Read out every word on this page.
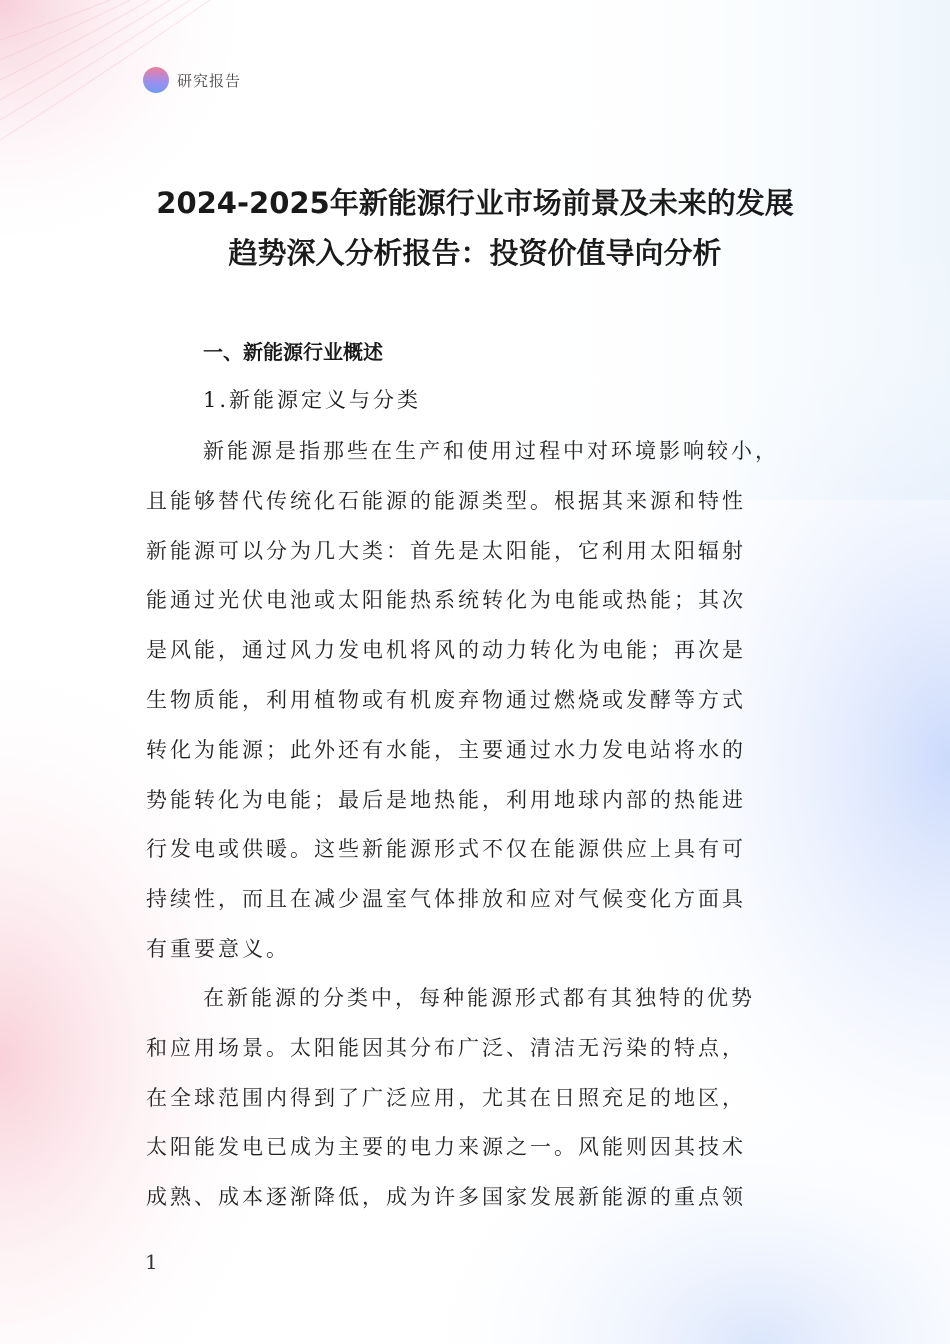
研究报告
2024-2025年新能源行业市场前景及未来的发展
趋势深入分析报告：投资价值导向分析
一、新能源行业概述
1.新能源定义与分类
新能源是指那些在生产和使用过程中对环境影响较小，
且能够替代传统化石能源的能源类型。根据其来源和特性
新能源可以分为几大类：首先是太阳能，它利用太阳辐射
能通过光伏电池或太阳能热系统转化为电能或热能；其次
是风能，通过风力发电机将风的动力转化为电能；再次是
生物质能，利用植物或有机废弃物通过燃烧或发酵等方式
转化为能源；此外还有水能，主要通过水力发电站将水的
势能转化为电能；最后是地热能，利用地球内部的热能进
行发电或供暖。这些新能源形式不仅在能源供应上具有可
持续性，而且在减少温室气体排放和应对气候变化方面具
有重要意义。
在新能源的分类中，每种能源形式都有其独特的优势
和应用场景。太阳能因其分布广泛、清洁无污染的特点，
在全球范围内得到了广泛应用，尤其在日照充足的地区，
太阳能发电已成为主要的电力来源之一。风能则因其技术
成熟、成本逐渐降低，成为许多国家发展新能源的重点领
1
